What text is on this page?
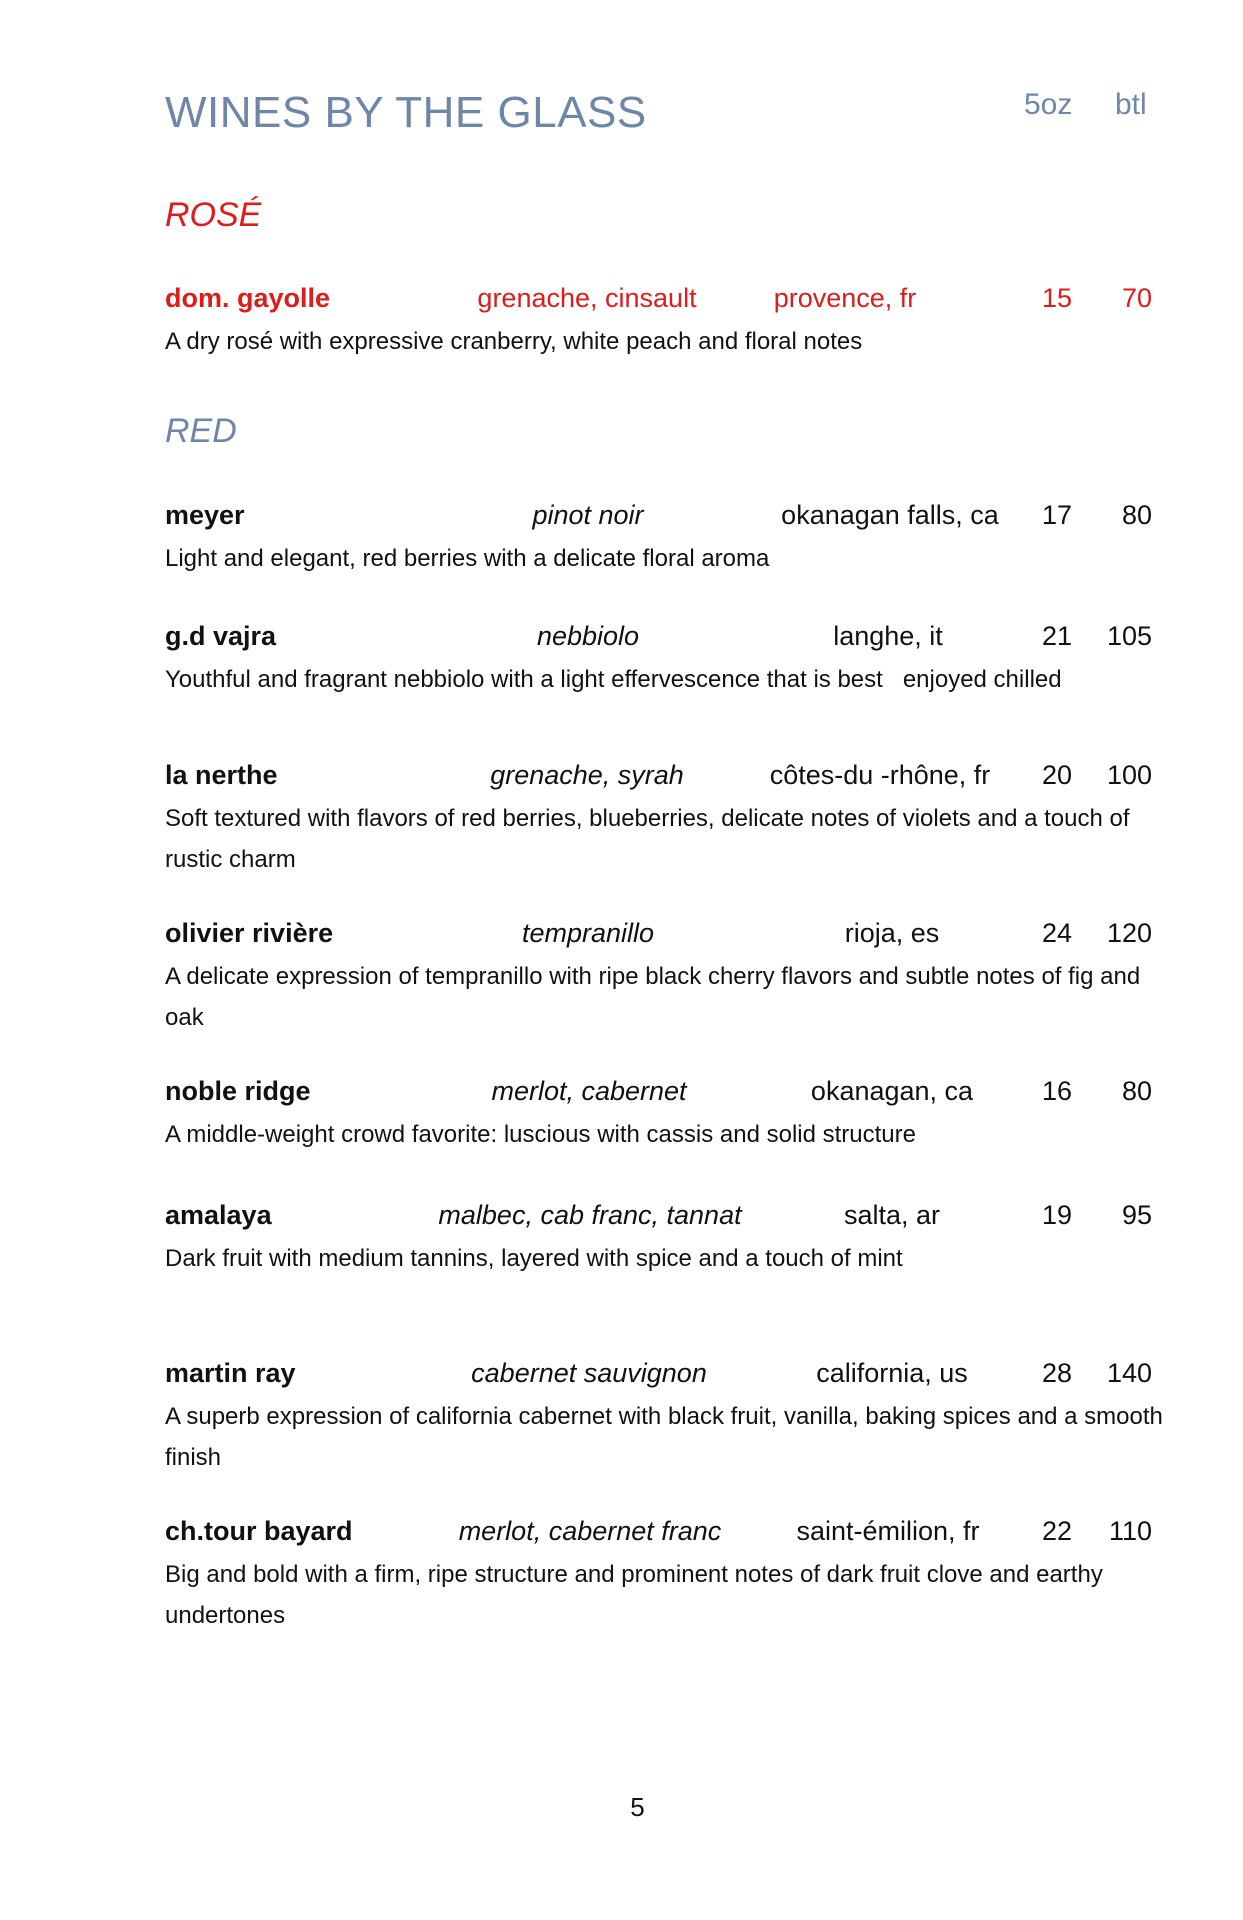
WINES BY THE GLASS	5oz btl
ROSÉ
dom. gayolle	grenache, cinsault	provence, fr	15 70
A dry rosé with expressive cranberry, white peach and floral notes
RED
meyer	pinot noir	okanagan falls, ca 17 80
Light and elegant, red berries with a delicate floral aroma
g.d vajra	nebbiolo	langhe, it	21 105
Youthful and fragrant nebbiolo with a light effervescence that is best   enjoyed chilled
la nerthe	grenache, syrah	côtes-du -rhône, fr 20 100
Soft textured with flavors of red berries, blueberries, delicate notes of violets and a touch of rustic charm
olivier rivière	tempranillo	rioja, es	24 120
A delicate expression of tempranillo with ripe black cherry flavors and subtle notes of fig and oak
noble ridge	merlot, cabernet	okanagan, ca	16 80
A middle-weight crowd favorite: luscious with cassis and solid structure
amalaya	malbec, cab franc, tannat	salta, ar	19 95
Dark fruit with medium tannins, layered with spice and a touch of mint
martin ray	cabernet sauvignon	california, us	28 140
A superb expression of california cabernet with black fruit, vanilla, baking spices and a smooth finish
ch.tour bayard	merlot, cabernet franc	saint-émilion, fr 22 110
Big and bold with a firm, ripe structure and prominent notes of dark fruit clove and earthy undertones
5
